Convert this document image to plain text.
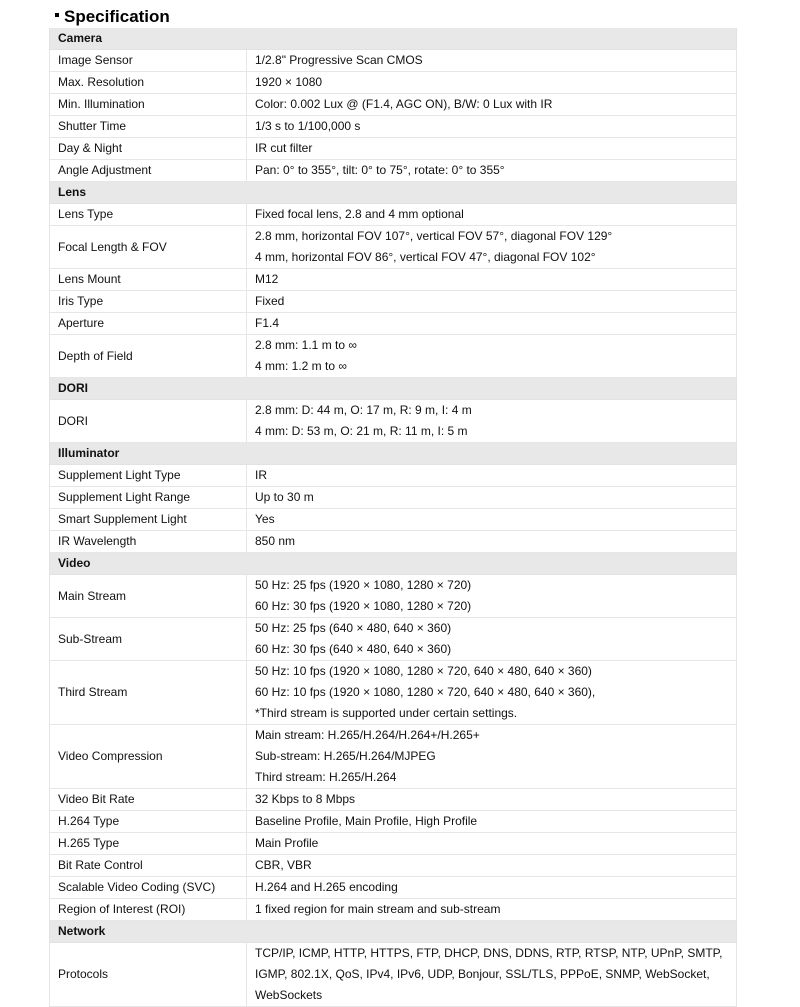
Specification
Camera	
Image Sensor	1/2.8" Progressive Scan CMOS

Max. Resolution	1920 × 1080

Min. Illumination	Color: 0.002 Lux @ (F1.4, AGC ON), B/W: 0 Lux with IR

Shutter Time	1/3 s to 1/100,000 s

Day & Night	IR cut filter

Angle Adjustment	Pan: 0° to 355°, tilt: 0° to 75°, rotate: 0° to 355°

Lens	
Lens Type	Fixed focal lens, 2.8 and 4 mm optional

Focal Length & FOV	2.8 mm, horizontal FOV 107°, vertical FOV 57°, diagonal FOV 129°
4 mm, horizontal FOV 86°, vertical FOV 47°, diagonal FOV 102°

Lens Mount	M12

Iris Type	Fixed

Aperture	F1.4

Depth of Field	2.8 mm: 1.1 m to ∞
4 mm: 1.2 m to ∞

DORI	
DORI	2.8 mm: D: 44 m, O: 17 m, R: 9 m, I: 4 m
4 mm: D: 53 m, O: 21 m, R: 11 m, I: 5 m

Illuminator	
Supplement Light Type	IR

Supplement Light Range	Up to 30 m

Smart Supplement Light	Yes

IR Wavelength	850 nm

Video	
Main Stream	50 Hz: 25 fps (1920 × 1080, 1280 × 720)
60 Hz: 30 fps (1920 × 1080, 1280 × 720)

Sub-Stream	50 Hz: 25 fps (640 × 480, 640 × 360)
60 Hz: 30 fps (640 × 480, 640 × 360)

Third Stream	50 Hz: 10 fps (1920 × 1080, 1280 × 720, 640 × 480, 640 × 360)
60 Hz: 10 fps (1920 × 1080, 1280 × 720, 640 × 480, 640 × 360),
*Third stream is supported under certain settings.

Video Compression	Main stream: H.265/H.264/H.264+/H.265+
Sub-stream: H.265/H.264/MJPEG
Third stream: H.265/H.264

Video Bit Rate	32 Kbps to 8 Mbps

H.264 Type	Baseline Profile, Main Profile, High Profile

H.265 Type	Main Profile

Bit Rate Control	CBR, VBR

Scalable Video Coding (SVC)	H.264 and H.265 encoding

Region of Interest (ROI)	1 fixed region for main stream and sub-stream

Network	
Protocols	TCP/IP, ICMP, HTTP, HTTPS, FTP, DHCP, DNS, DDNS, RTP, RTSP, NTP, UPnP, SMTP,
IGMP, 802.1X, QoS, IPv4, IPv6, UDP, Bonjour, SSL/TLS, PPPoE, SNMP, WebSocket,
WebSockets
